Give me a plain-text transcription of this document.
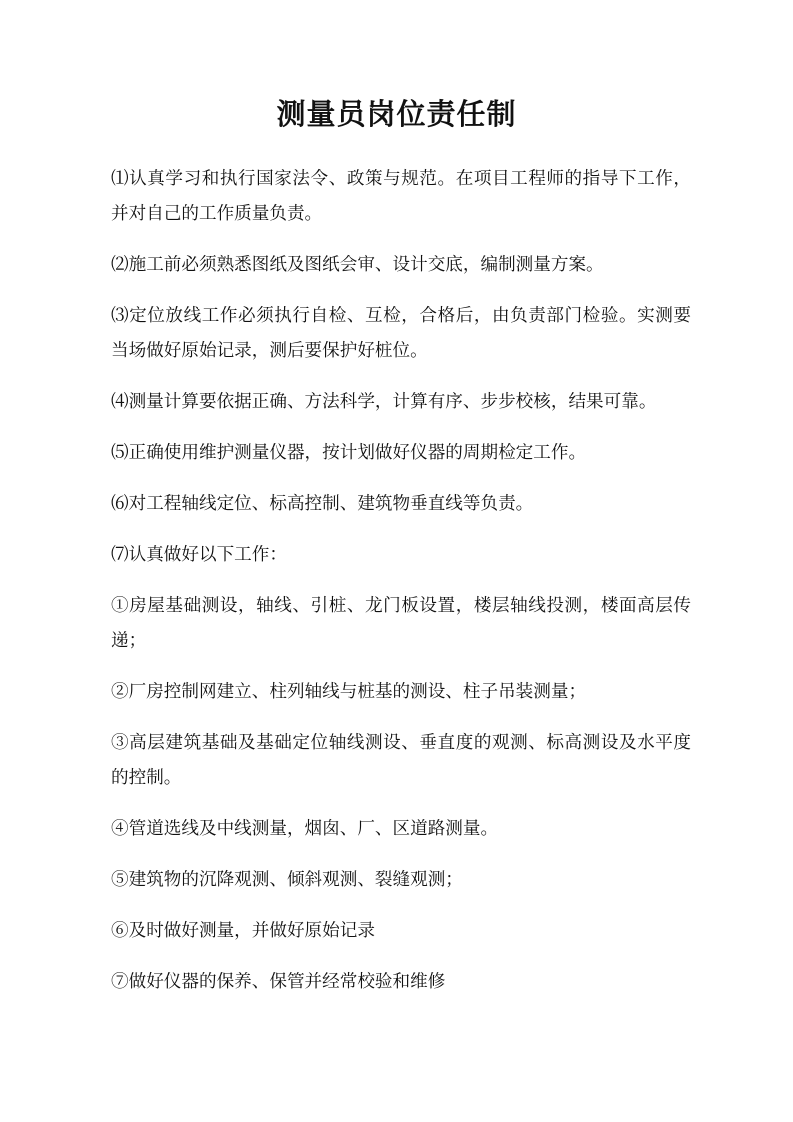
测量员岗位责任制

⑴认真学习和执行国家法令、政策与规范。在项目工程师的指导下工作，并对自己的工作质量负责。

⑵施工前必须熟悉图纸及图纸会审、设计交底，编制测量方案。

⑶定位放线工作必须执行自检、互检，合格后，由负责部门检验。实测要当场做好原始记录，测后要保护好桩位。

⑷测量计算要依据正确、方法科学，计算有序、步步校核，结果可靠。

⑸正确使用维护测量仪器，按计划做好仪器的周期检定工作。

⑹对工程轴线定位、标高控制、建筑物垂直线等负责。

⑺认真做好以下工作：

①房屋基础测设，轴线、引桩、龙门板设置，楼层轴线投测，楼面高层传递；

②厂房控制网建立、柱列轴线与桩基的测设、柱子吊装测量；

③高层建筑基础及基础定位轴线测设、垂直度的观测、标高测设及水平度的控制。

④管道选线及中线测量，烟囱、厂、区道路测量。

⑤建筑物的沉降观测、倾斜观测、裂缝观测；

⑥及时做好测量，并做好原始记录

⑦做好仪器的保养、保管并经常校验和维修
